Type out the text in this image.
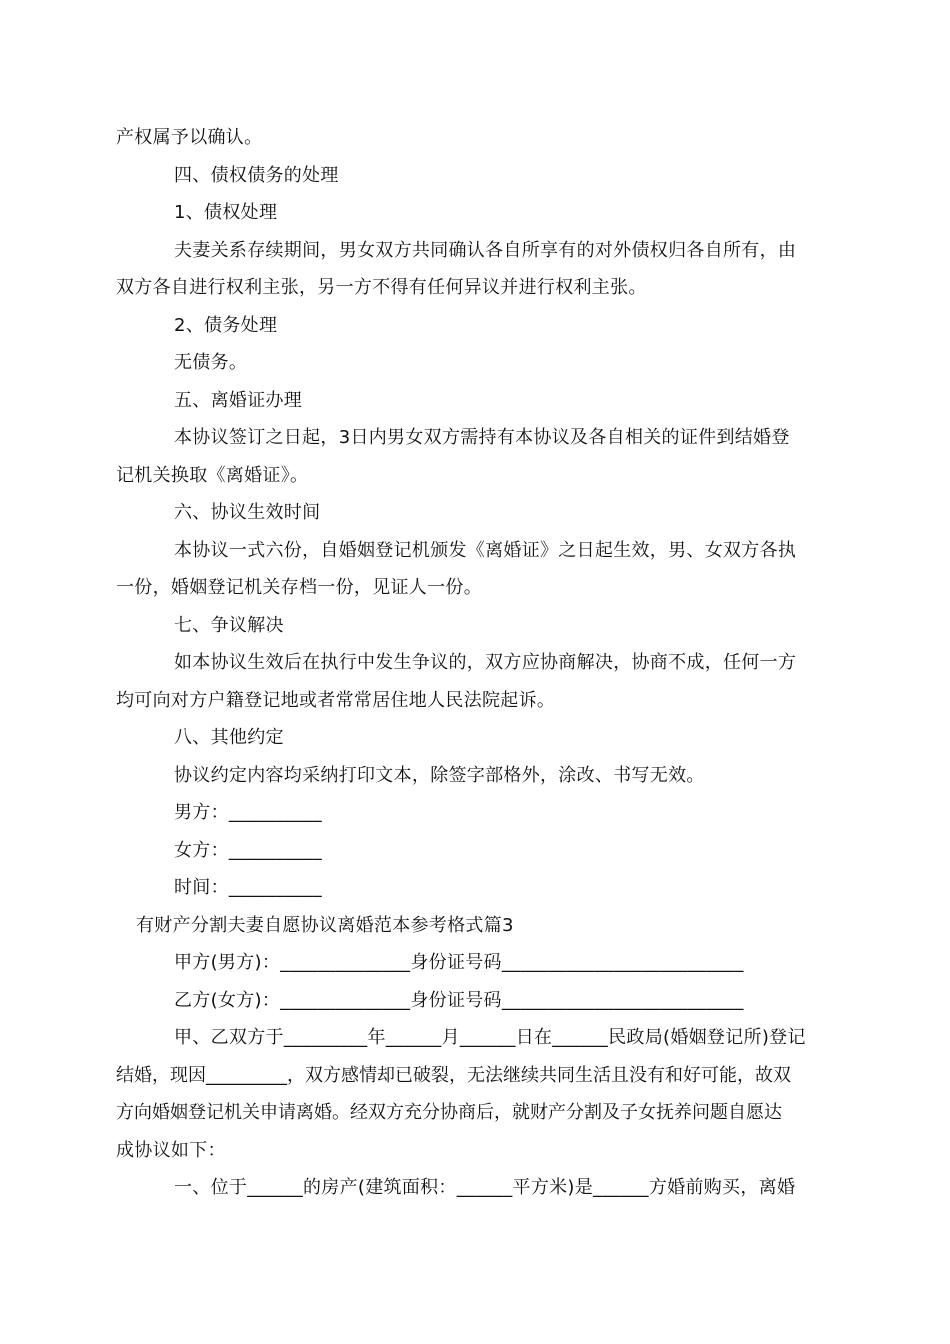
产权属予以确认。
四、债权债务的处理
1、债权处理
夫妻关系存续期间，男女双方共同确认各自所享有的对外债权归各自所有，由
双方各自进行权利主张，另一方不得有任何异议并进行权利主张。
2、债务处理
无债务。
五、离婚证办理
本协议签订之日起，3日内男女双方需持有本协议及各自相关的证件到结婚登
记机关换取《离婚证》。
六、协议生效时间
本协议一式六份，自婚姻登记机颁发《离婚证》之日起生效，男、女双方各执
一份，婚姻登记机关存档一份，见证人一份。
七、争议解决
如本协议生效后在执行中发生争议的，双方应协商解决，协商不成，任何一方
均可向对方户籍登记地或者常常居住地人民法院起诉。
八、其他约定
协议约定内容均采纳打印文本，除签字部格外，涂改、书写无效。
男方：__________
女方：__________
时间：__________
有财产分割夫妻自愿协议离婚范本参考格式篇3
甲方(男方)：______________身份证号码__________________________
乙方(女方)：______________身份证号码__________________________
甲、乙双方于_________年______月______日在______民政局(婚姻登记所)登记
结婚，现因_________，双方感情却已破裂，无法继续共同生活且没有和好可能，故双
方向婚姻登记机关申请离婚。经双方充分协商后，就财产分割及子女抚养问题自愿达
成协议如下：
一、位于______的房产(建筑面积：______平方米)是______方婚前购买，离婚
